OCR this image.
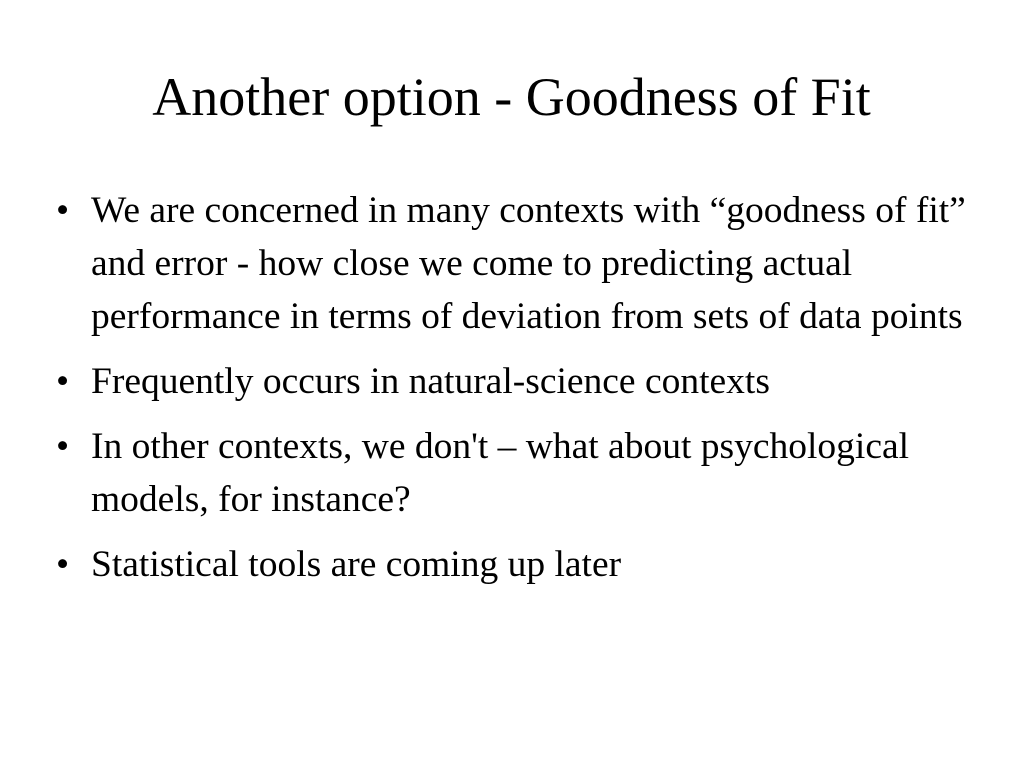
Another option - Goodness of Fit
• We are concerned in many contexts with “goodness of fit” and error - how close we come to predicting actual performance in terms of deviation from sets of data points
• Frequently occurs in natural-science contexts
• In other contexts, we don't – what about psychological models, for instance?
• Statistical tools are coming up later
